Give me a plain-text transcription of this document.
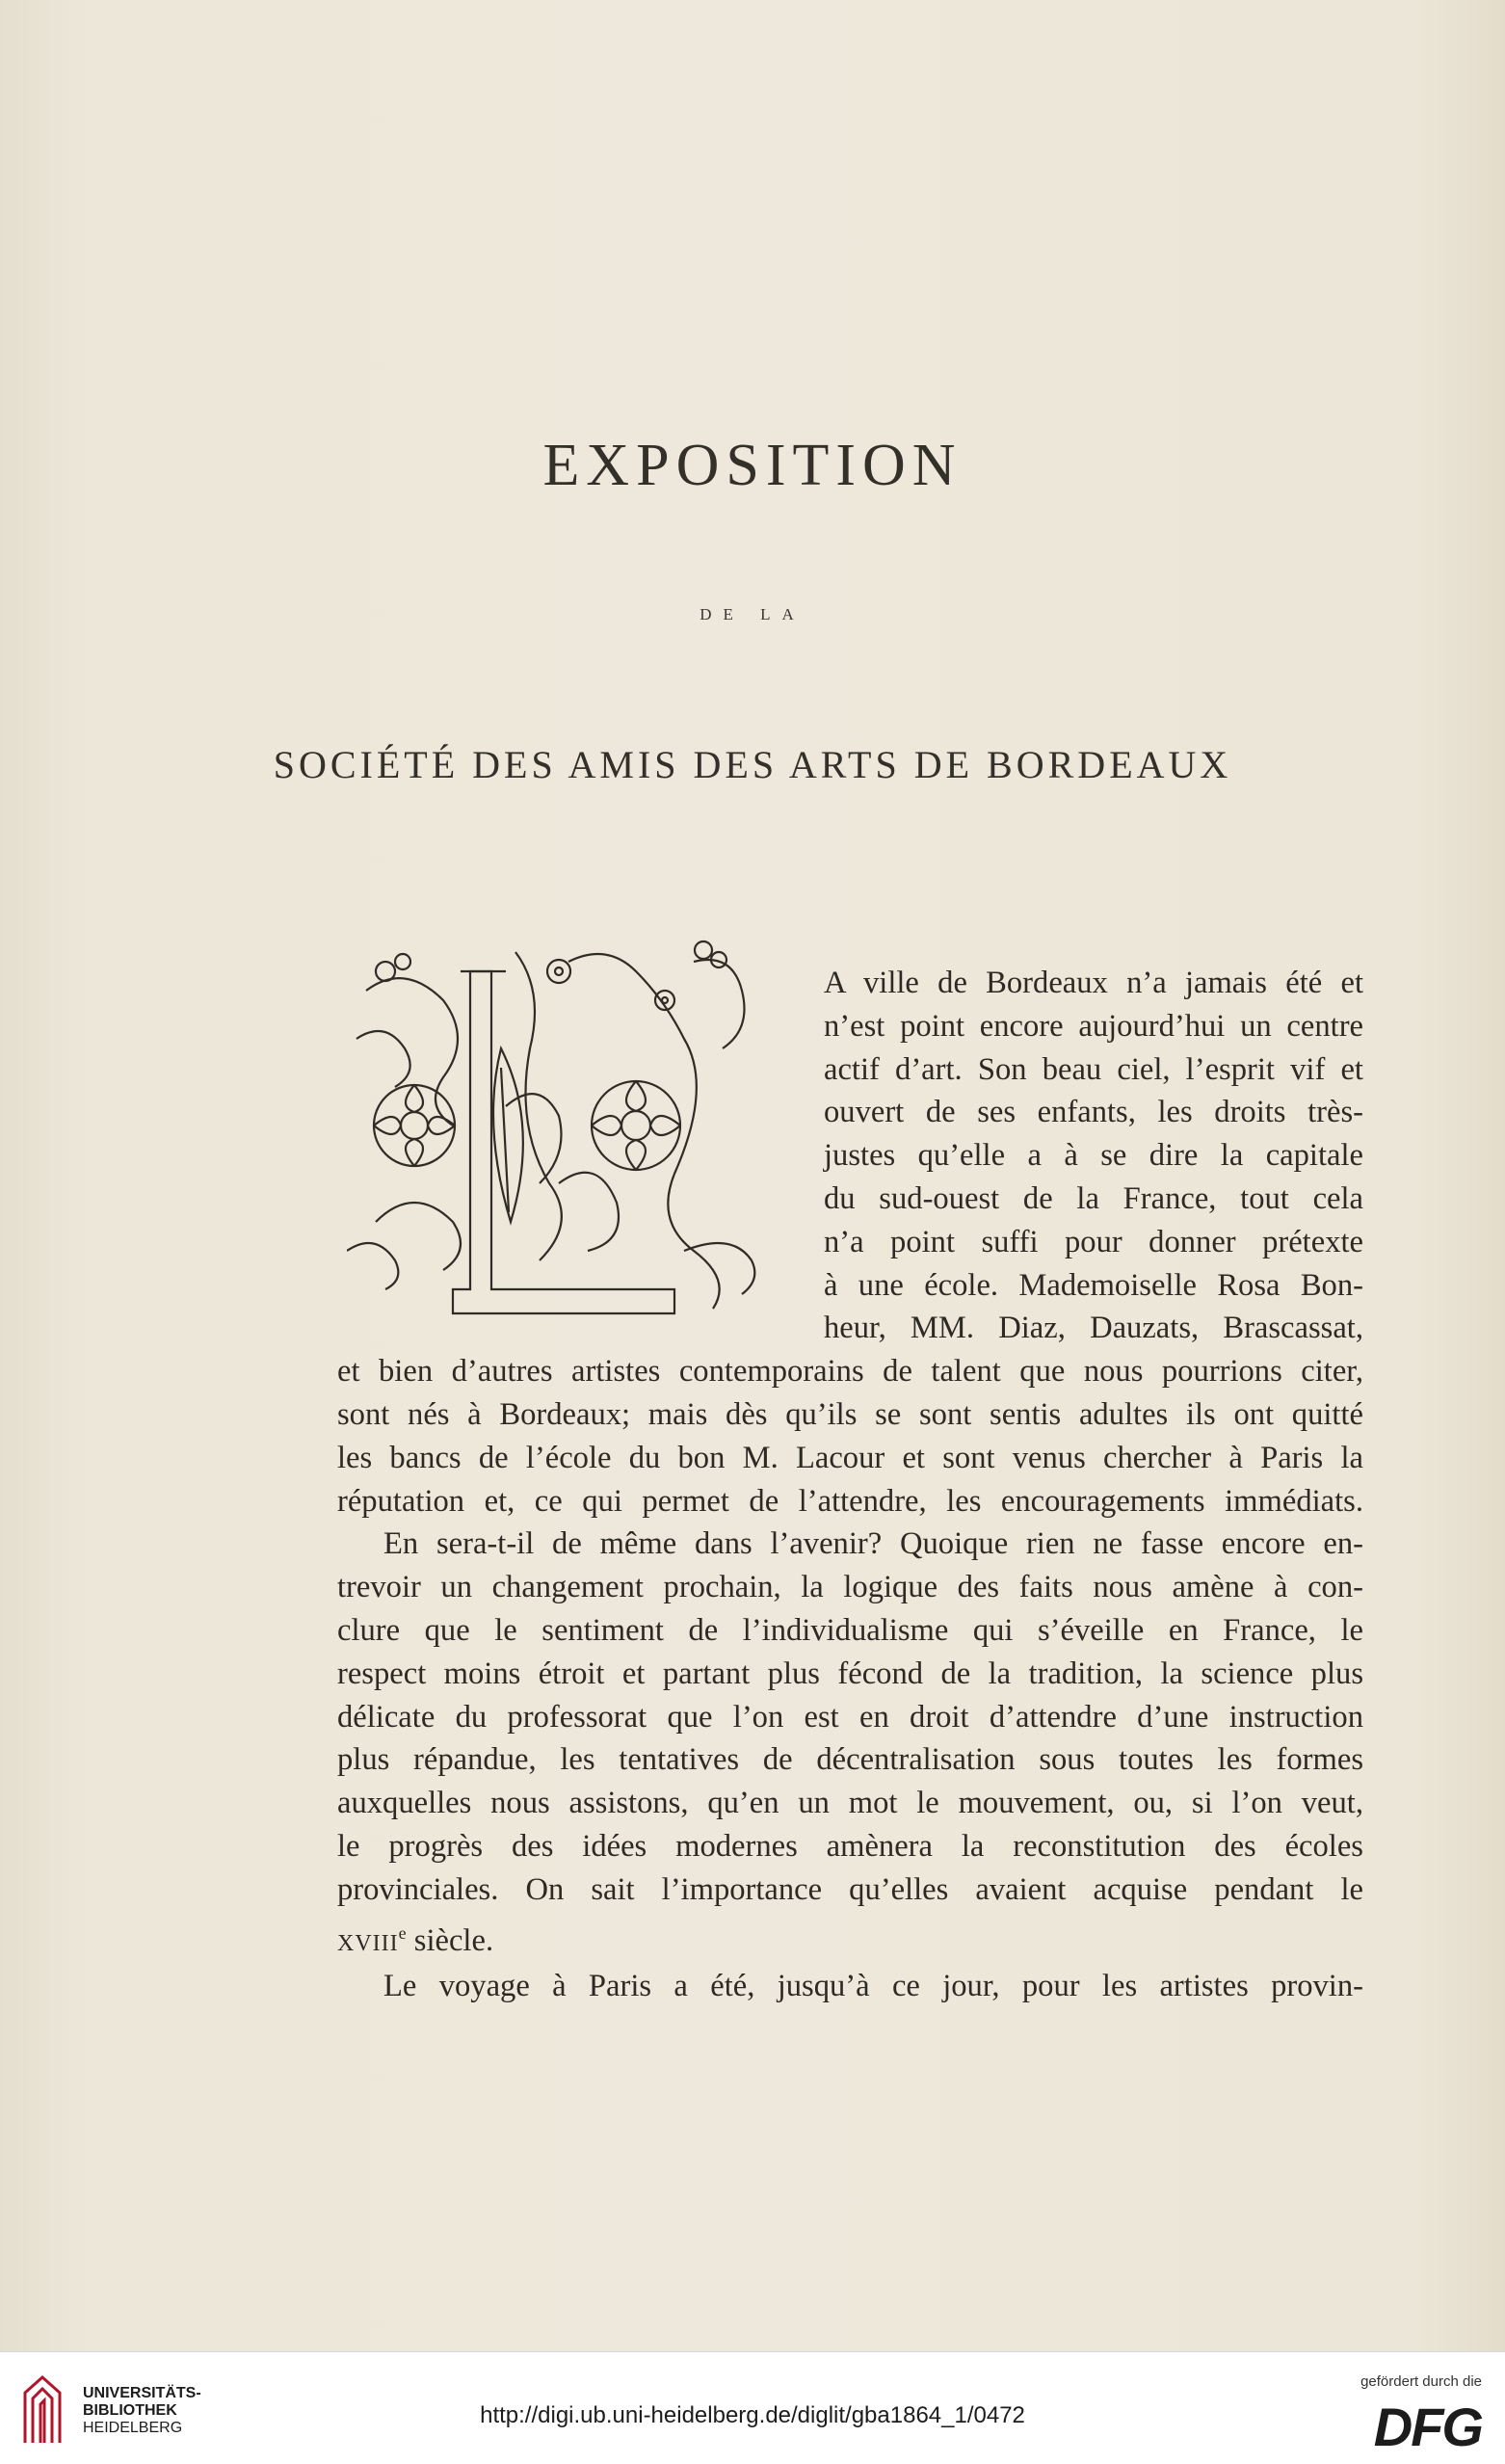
EXPOSITION
DE LA
SOCIÉTÉ DES AMIS DES ARTS DE BORDEAUX
A ville de Bordeaux n’a jamais été et
n’est point encore aujourd’hui un centre
actif d’art. Son beau ciel, l’esprit vif et
ouvert de ses enfants, les droits très-
justes qu’elle a à se dire la capitale
du sud-ouest de la France, tout cela
n’a point suffi pour donner prétexte
à une école. Mademoiselle Rosa Bon-
heur, MM. Diaz, Dauzats, Brascassat,
et bien d’autres artistes contemporains de talent que nous pourrions citer,
sont nés à Bordeaux; mais dès qu’ils se sont sentis adultes ils ont quitté
les bancs de l’école du bon M. Lacour et sont venus chercher à Paris la
réputation et, ce qui permet de l’attendre, les encouragements immédiats.
En sera-t-il de même dans l’avenir? Quoique rien ne fasse encore en-
trevoir un changement prochain, la logique des faits nous amène à con-
clure que le sentiment de l’individualisme qui s’éveille en France, le
respect moins étroit et partant plus fécond de la tradition, la science plus
délicate du professorat que l’on est en droit d’attendre d’une instruction
plus répandue, les tentatives de décentralisation sous toutes les formes
auxquelles nous assistons, qu’en un mot le mouvement, ou, si l’on veut,
le progrès des idées modernes amènera la reconstitution des écoles
provinciales. On sait l’importance qu’elles avaient acquise pendant le
XVIIIe siècle.
Le voyage à Paris a été, jusqu’à ce jour, pour les artistes provin-
UNIVERSITÄTS-
BIBLIOTHEK
HEIDELBERG	http://digi.ub.uni-heidelberg.de/diglit/gba1864_1/0472
gefördert durch die
DFG
